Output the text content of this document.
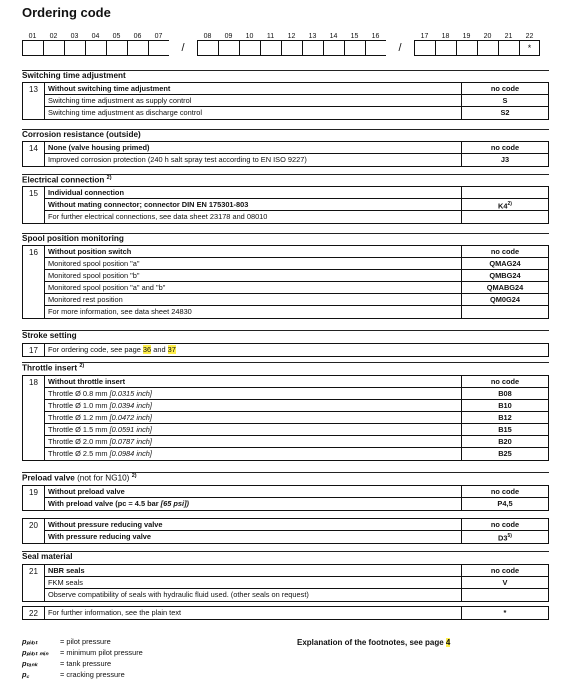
Ordering code
01	02	03	04	05	06	07	08	09	10	11	12	13	14	15	16	17	18	19	20	21	22
/	/	*
Switching time adjustment
13	Without switching time adjustment	no code
Switching time adjustment as supply control	S
Switching time adjustment as discharge control	S2
Corrosion resistance (outside)
14	None (valve housing primed)	no code
Improved corrosion protection (240 h salt spray test according to EN ISO 9227)	J3
Electrical connection $^{2)}$
15	Individual connection
Without mating connector; connector DIN EN 175301-803	K4$^{2)}$
For further electrical connections, see data sheet 23178 and 08010
Spool position monitoring
16	Without position switch	no code
Monitored spool position "a"	QMAG24
Monitored spool position "b"	QMBG24
Monitored spool position "a" and "b"	QMABG24
Monitored rest position	QM0G24
For more information, see data sheet 24830
Stroke setting
17	For ordering code, see page 36 and 37
Throttle insert $^{2)}$
18	Without throttle insert	no code
Throttle Ø 0.8 mm [0.0315 inch]	B08
Throttle Ø 1.0 mm [0.0394 inch]	B10
Throttle Ø 1.2 mm [0.0472 inch]	B12
Throttle Ø 1.5 mm [0.0591 inch]	B15
Throttle Ø 2.0 mm [0.0787 inch]	B20
Throttle Ø 2.5 mm [0.0984 inch]	B25
Preload valve (not for NG10) $^{2)}$
19	Without preload valve	no code
With preload valve (pc = 4.5 bar [65 psi])	P4,5
20	Without pressure reducing valve	no code
With pressure reducing valve	D3$^{5)}$
Seal material
21	NBR seals	no code
FKM seals	V
Observe compatibility of seals with hydraulic fluid used. (other seals on request)
22	For further information, see the plain text	*
pₚᵢₗₒₜ	= pilot pressure
pₚᵢₗₒₜ ₘᵢₙ	= minimum pilot pressure
pₜₐₙₖ	= tank pressure
p꜀	= cracking pressure
Explanation of the footnotes, see page 4
